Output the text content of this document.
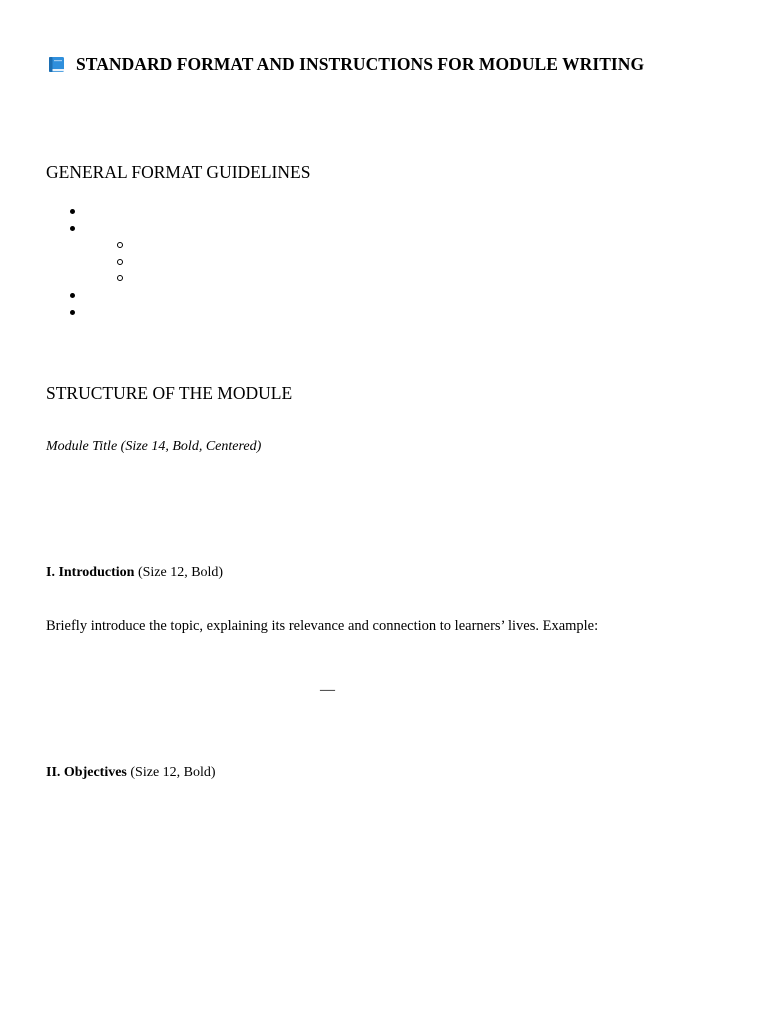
STANDARD FORMAT AND INSTRUCTIONS FOR MODULE WRITING
GENERAL FORMAT GUIDELINES
STRUCTURE OF THE MODULE
Module Title (Size 14, Bold, Centered)
I. Introduction (Size 12, Bold)
Briefly introduce the topic, explaining its relevance and connection to learners’ lives. Example:
—
II. Objectives (Size 12, Bold)
